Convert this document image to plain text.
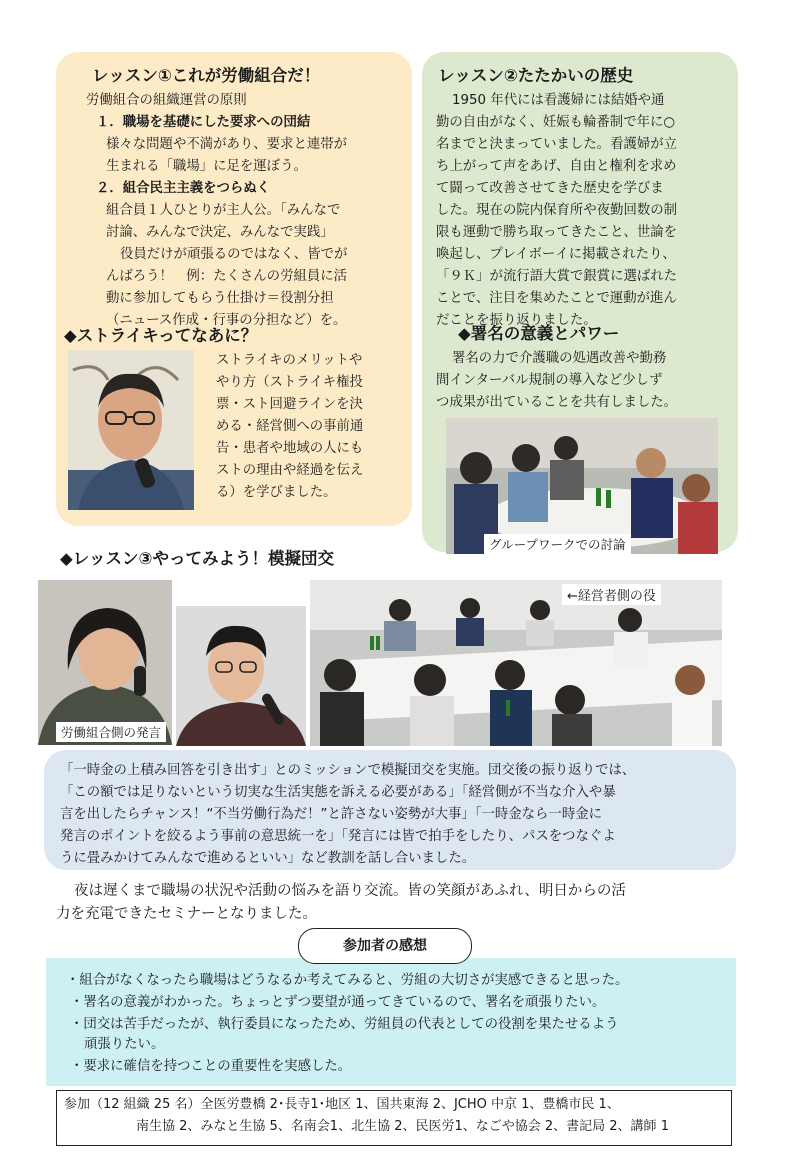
レッスン①これが労働組合だ！
労働組合の組織運営の原則
１．職場を基礎にした要求への団結
様々な問題や不満があり、要求と連帯が
生まれる「職場」に足を運ぼう。
２．組合民主主義をつらぬく
組合員１人ひとりが主人公。「みんなで
討論、みんなで決定、みんなで実践」
役員だけが頑張るのではなく、皆でが
んばろう！　例：たくさんの労組員に活
動に参加してもらう仕掛け＝役割分担
（ニュース作成・行事の分担など）を。
◆ストライキってなあに？
ストライキのメリットや
やり方（ストライキ権投
票・スト回避ラインを決
める・経営側への事前通
告・患者や地域の人にも
ストの理由や経過を伝え
る）を学びました。
レッスン②たたかいの歴史
1950 年代には看護婦には結婚や通
勤の自由がなく、妊娠も輪番制で年に○
名までと決まっていました。看護婦が立
ち上がって声をあげ、自由と権利を求め
て闘って改善させてきた歴史を学びま
した。現在の院内保育所や夜勤回数の制
限も運動で勝ち取ってきたこと、世論を
喚起し、プレイボーイに掲載されたり、
「９Ｋ」が流行語大賞で銀賞に選ばれた
ことで、注目を集めたことで運動が進ん
だことを振り返りました。
◆署名の意義とパワー
署名の力で介護職の処遇改善や勤務
間インターバル規制の導入など少しず
つ成果が出ていることを共有しました。
グループワークでの討論
◆レッスン③やってみよう！模擬団交
労働組合側の発言
←経営者側の役
「一時金の上積み回答を引き出す」とのミッションで模擬団交を実施。団交後の振り返りでは、
「この額では足りないという切実な生活実態を訴える必要がある」「経営側が不当な介入や暴
言を出したらチャンス！“不当労働行為だ！”と許さない姿勢が大事」「一時金なら一時金に
発言のポイントを絞るよう事前の意思統一を」「発言には皆で拍手をしたり、パスをつなぐよ
うに畳みかけてみんなで進めるといい」など教訓を話し合いました。
夜は遅くまで職場の状況や活動の悩みを語り交流。皆の笑顔があふれ、明日からの活
力を充電できたセミナーとなりました。
参加者の感想
・組合がなくなったら職場はどうなるか考えてみると、労組の大切さが実感できると思った。
・署名の意義がわかった。ちょっとずつ要望が通ってきているので、署名を頑張りたい。
・団交は苦手だったが、執行委員になったため、労組員の代表としての役割を果たせるよう
頑張りたい。
・要求に確信を持つことの重要性を実感した。
参加（12 組織 25 名）全医労豊橋 2･長寺1･地区 1、国共東海 2、JCHO 中京 1、豊橋市民 1、
南生協 2、みなと生協 5、名南会1、北生協 2、民医労1、なごや協会 2、書記局 2、講師 1
